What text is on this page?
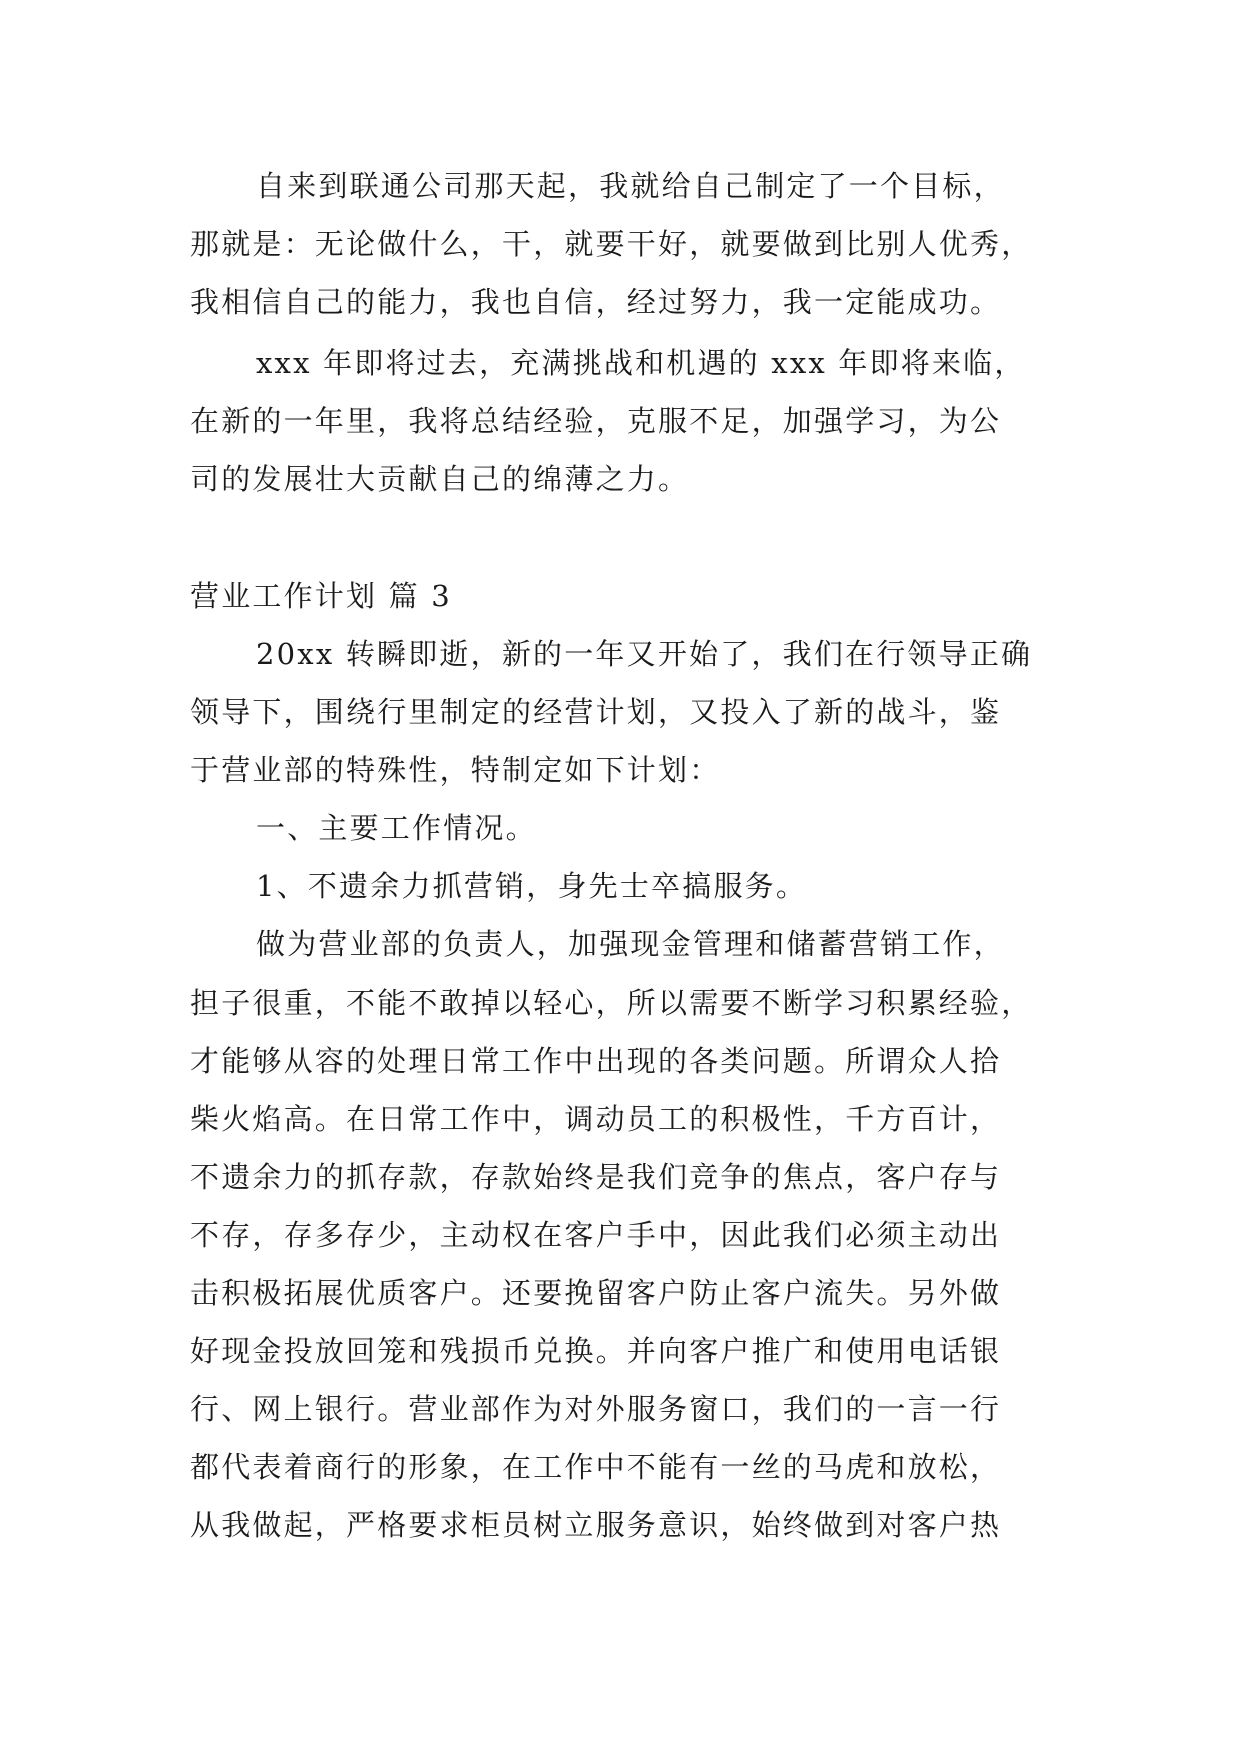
自来到联通公司那天起，我就给自己制定了一个目标，
那就是：无论做什么，干，就要干好，就要做到比别人优秀，
我相信自己的能力，我也自信，经过努力，我一定能成功。
xxx 年即将过去，充满挑战和机遇的 xxx 年即将来临，
在新的一年里，我将总结经验，克服不足，加强学习，为公
司的发展壮大贡献自己的绵薄之力。
营业工作计划 篇 3
20xx 转瞬即逝，新的一年又开始了，我们在行领导正确
领导下，围绕行里制定的经营计划，又投入了新的战斗，鉴
于营业部的特殊性，特制定如下计划：
一、主要工作情况。
1、不遗余力抓营销，身先士卒搞服务。
做为营业部的负责人，加强现金管理和储蓄营销工作，
担子很重，不能不敢掉以轻心，所以需要不断学习积累经验，
才能够从容的处理日常工作中出现的各类问题。所谓众人拾
柴火焰高。在日常工作中，调动员工的积极性，千方百计，
不遗余力的抓存款，存款始终是我们竞争的焦点，客户存与
不存，存多存少，主动权在客户手中，因此我们必须主动出
击积极拓展优质客户。还要挽留客户防止客户流失。另外做
好现金投放回笼和残损币兑换。并向客户推广和使用电话银
行、网上银行。营业部作为对外服务窗口，我们的一言一行
都代表着商行的形象，在工作中不能有一丝的马虎和放松，
从我做起，严格要求柜员树立服务意识，始终做到对客户热
